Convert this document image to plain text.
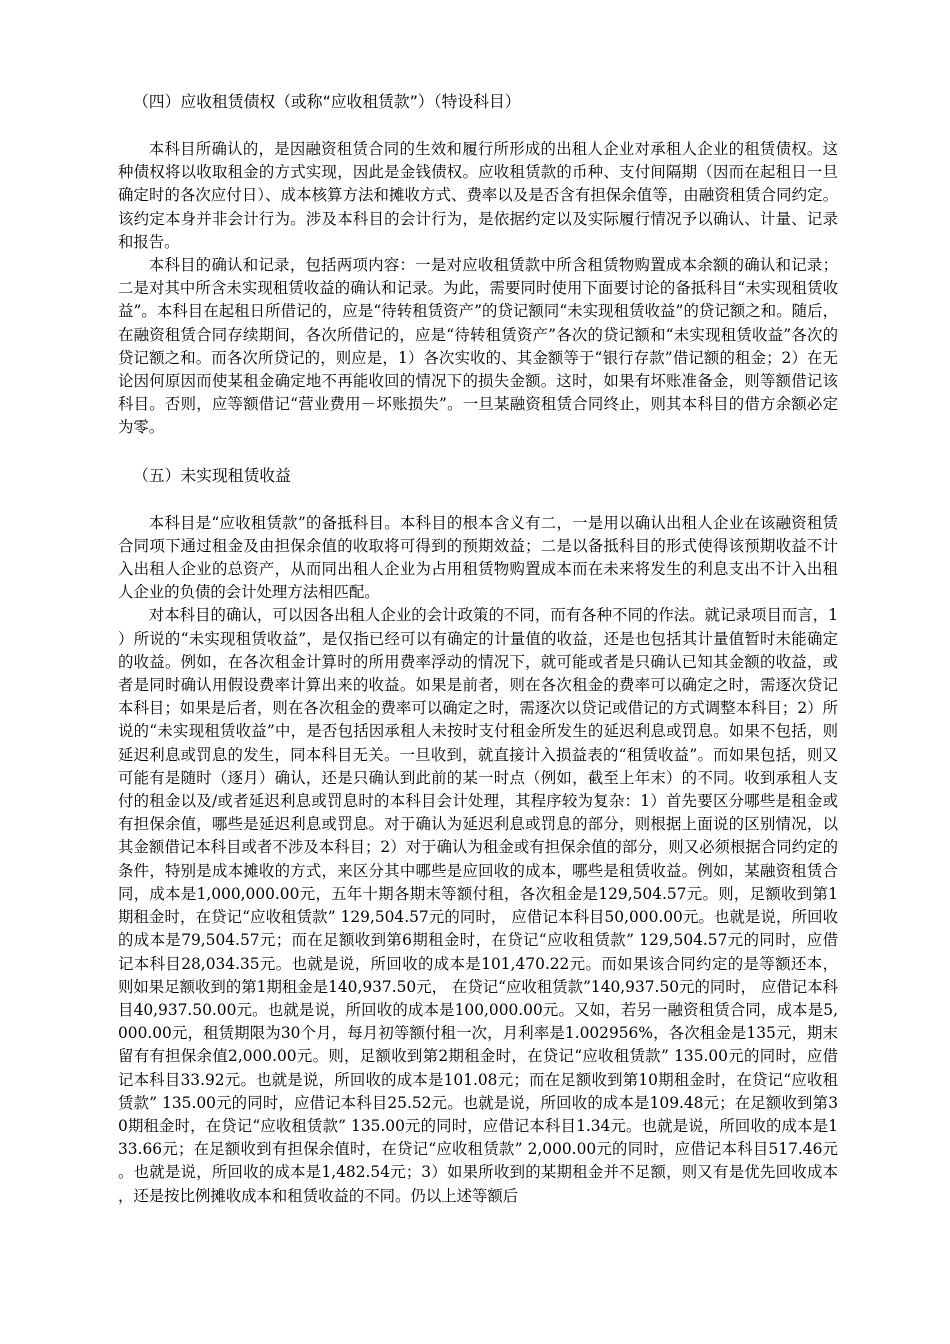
（四）应收租赁债权（或称“应收租赁款”）（特设科目）

本科目所确认的，是因融资租赁合同的生效和履行所形成的出租人企业对承租人企业的租赁债权。这种债权将以收取租金的方式实现，因此是金钱债权。应收租赁款的币种、支付间隔期（因而在起租日一旦确定时的各次应付日）、成本核算方法和摊收方式、费率以及是否含有担保余值等，由融资租赁合同约定。该约定本身并非会计行为。涉及本科目的会计行为，是依据约定以及实际履行情况予以确认、计量、记录和报告。

本科目的确认和记录，包括两项内容：一是对应收租赁款中所含租赁物购置成本余额的确认和记录；二是对其中所含未实现租赁收益的确认和记录。为此，需要同时使用下面要讨论的备抵科目“未实现租赁收益”。本科目在起租日所借记的，应是“待转租赁资产”的贷记额同“未实现租赁收益”的贷记额之和。随后，在融资租赁合同存续期间，各次所借记的，应是“待转租赁资产”各次的贷记额和“未实现租赁收益”各次的贷记额之和。而各次所贷记的，则应是，1）各次实收的、其金额等于“银行存款”借记额的租金；2）在无论因何原因而使某租金确定地不再能收回的情况下的损失金额。这时，如果有坏账准备金，则等额借记该科目。否则，应等额借记“营业费用－坏账损失”。一旦某融资租赁合同终止，则其本科目的借方余额必定为零。

（五）未实现租赁收益

本科目是“应收租赁款”的备抵科目。本科目的根本含义有二，一是用以确认出租人企业在该融资租赁合同项下通过租金及由担保余值的收取将可得到的预期效益；二是以备抵科目的形式使得该预期收益不计入出租人企业的总资产，从而同出租人企业为占用租赁物购置成本而在未来将发生的利息支出不计入出租人企业的负债的会计处理方法相匹配。

对本科目的确认，可以因各出租人企业的会计政策的不同，而有各种不同的作法。就记录项目而言，1）所说的“未实现租赁收益”，是仅指已经可以有确定的计量值的收益，还是也包括其计量值暂时未能确定的收益。例如，在各次租金计算时的所用费率浮动的情况下，就可能或者是只确认已知其金额的收益，或者是同时确认用假设费率计算出来的收益。如果是前者，则在各次租金的费率可以确定之时，需逐次贷记本科目；如果是后者，则在各次租金的费率可以确定之时，需逐次以贷记或借记的方式调整本科目；2）所说的“未实现租赁收益”中，是否包括因承租人未按时支付租金所发生的延迟利息或罚息。如果不包括，则延迟利息或罚息的发生，同本科目无关。一旦收到，就直接计入损益表的“租赁收益”。而如果包括，则又可能有是随时（逐月）确认，还是只确认到此前的某一时点（例如，截至上年末）的不同。收到承租人支付的租金以及/或者延迟利息或罚息时的本科目会计处理，其程序较为复杂：1）首先要区分哪些是租金或有担保余值，哪些是延迟利息或罚息。对于确认为延迟利息或罚息的部分，则根据上面说的区别情况，以其金额借记本科目或者不涉及本科目；2）对于确认为租金或有担保余值的部分，则又必须根据合同约定的条件，特别是成本摊收的方式，来区分其中哪些是应回收的成本，哪些是租赁收益。例如，某融资租赁合同，成本是1,000,000.00元，五年十期各期末等额付租，各次租金是129,504.57元。则，足额收到第1期租金时，在贷记“应收租赁款” 129,504.57元的同时， 应借记本科目50,000.00元。也就是说，所回收的成本是79,504.57元；而在足额收到第6期租金时，在贷记“应收租赁款” 129,504.57元的同时，应借记本科目28,034.35元。也就是说，所回收的成本是101,470.22元。而如果该合同约定的是等额还本，则如果足额收到的第1期租金是140,937.50元， 在贷记“应收租赁款”140,937.50元的同时， 应借记本科目40,937.50.00元。也就是说，所回收的成本是100,000.00元。又如，若另一融资租赁合同，成本是5,000.00元，租赁期限为30个月，每月初等额付租一次，月利率是1.002956%，各次租金是135元，期末留有有担保余值2,000.00元。则，足额收到第2期租金时，在贷记“应收租赁款” 135.00元的同时，应借记本科目33.92元。也就是说，所回收的成本是101.08元；而在足额收到第10期租金时，在贷记“应收租赁款” 135.00元的同时，应借记本科目25.52元。也就是说，所回收的成本是109.48元；在足额收到第30期租金时，在贷记“应收租赁款” 135.00元的同时，应借记本科目1.34元。也就是说，所回收的成本是133.66元；在足额收到有担保余值时，在贷记“应收租赁款” 2,000.00元的同时，应借记本科目517.46元。也就是说，所回收的成本是1,482.54元；3）如果所收到的某期租金并不足额，则又有是优先回收成本，还是按比例摊收成本和租赁收益的不同。仍以上述等额后
